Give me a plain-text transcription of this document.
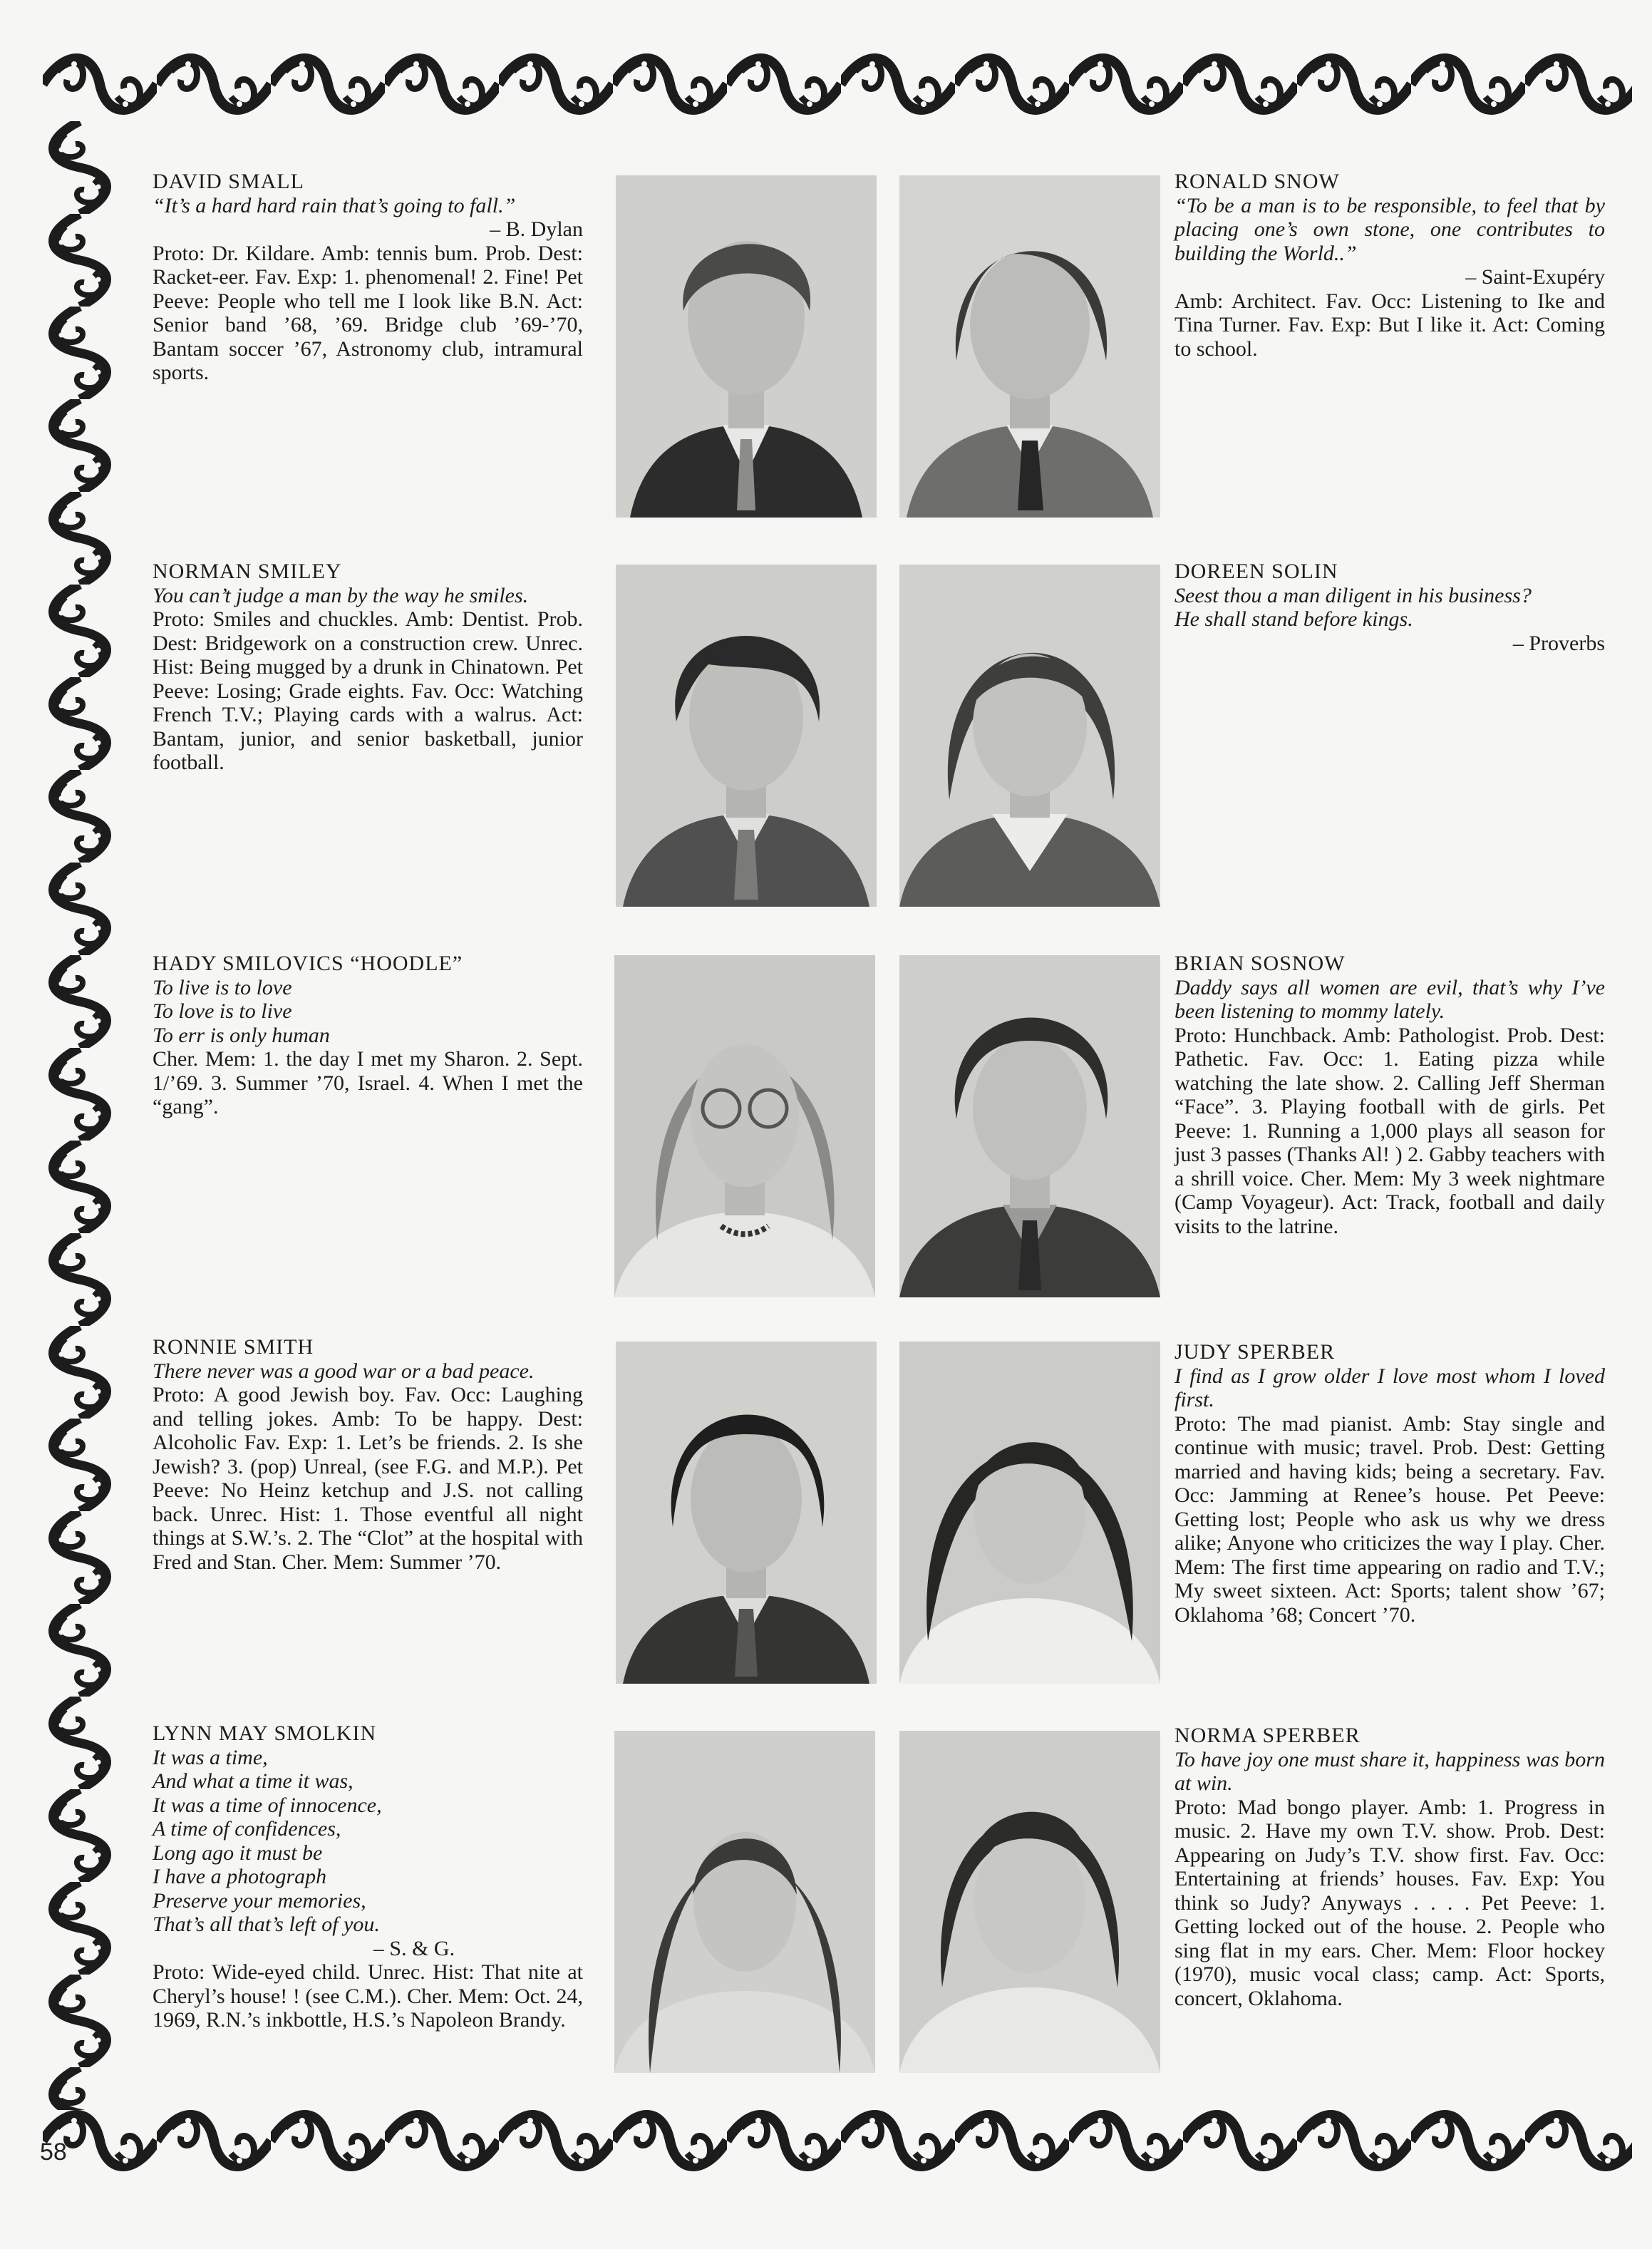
58
DAVID SMALL
“It’s a hard hard rain that’s going to fall.”
– B. Dylan
Proto: Dr. Kildare. Amb: tennis bum. Prob. Dest: Racket-eer. Fav. Exp: 1. phenomenal! 2. Fine! Pet Peeve: People who tell me I look like B.N. Act: Senior band ’68, ’69. Bridge club ’69-’70, Bantam soccer ’67, Astronomy club, intramural sports.
NORMAN SMILEY
You can’t judge a man by the way he smiles.
Proto: Smiles and chuckles. Amb: Dentist. Prob. Dest: Bridgework on a construction crew. Unrec. Hist: Being mugged by a drunk in Chinatown. Pet Peeve: Losing; Grade eights. Fav. Occ: Watching French T.V.; Playing cards with a walrus. Act: Bantam, junior, and senior basketball, junior football.
HADY SMILOVICS “HOODLE”
To live is to love
To love is to live
To err is only human
Cher. Mem: 1. the day I met my Sharon. 2. Sept. 1/’69. 3. Summer ’70, Israel. 4. When I met the “gang”.
RONNIE SMITH
There never was a good war or a bad peace.
Proto: A good Jewish boy. Fav. Occ: Laughing and telling jokes. Amb: To be happy. Dest: Alcoholic Fav. Exp: 1. Let’s be friends. 2. Is she Jewish? 3. (pop) Unreal, (see F.G. and M.P.). Pet Peeve: No Heinz ketchup and J.S. not calling back. Unrec. Hist: 1. Those eventful all night things at S.W.’s. 2. The “Clot” at the hospital with Fred and Stan. Cher. Mem: Summer ’70.
LYNN MAY SMOLKIN
It was a time,
And what a time it was,
It was a time of innocence,
A time of confidences,
Long ago it must be
I have a photograph
Preserve your memories,
That’s all that’s left of you.
– S. & G.
Proto: Wide-eyed child. Unrec. Hist: That nite at Cheryl’s house! ! (see C.M.). Cher. Mem: Oct. 24, 1969, R.N.’s inkbottle, H.S.’s Napoleon Brandy.
RONALD SNOW
“To be a man is to be responsible, to feel that by placing one’s own stone, one contributes to building the World..”
– Saint-Exupéry
Amb: Architect. Fav. Occ: Listening to Ike and Tina Turner. Fav. Exp: But I like it. Act: Coming to school.
DOREEN SOLIN
Seest thou a man diligent in his business?
He shall stand before kings.
– Proverbs
BRIAN SOSNOW
Daddy says all women are evil, that’s why I’ve been listening to mommy lately.
Proto: Hunchback. Amb: Pathologist. Prob. Dest: Pathetic. Fav. Occ: 1. Eating pizza while watching the late show. 2. Calling Jeff Sherman “Face”. 3. Playing football with de girls. Pet Peeve: 1. Running a 1,000 plays all season for just 3 passes (Thanks Al! ) 2. Gabby teachers with a shrill voice. Cher. Mem: My 3 week nightmare (Camp Voyageur). Act: Track, football and daily visits to the latrine.
JUDY SPERBER
I find as I grow older I love most whom I loved first.
Proto: The mad pianist. Amb: Stay single and continue with music; travel. Prob. Dest: Getting married and having kids; being a secretary. Fav. Occ: Jamming at Renee’s house. Pet Peeve: Getting lost; People who ask us why we dress alike; Anyone who criticizes the way I play. Cher. Mem: The first time appearing on radio and T.V.; My sweet sixteen. Act: Sports; talent show ’67; Oklahoma ’68; Concert ’70.
NORMA SPERBER
To have joy one must share it, happiness was born at win.
Proto: Mad bongo player. Amb: 1. Progress in music. 2. Have my own T.V. show. Prob. Dest: Appearing on Judy’s T.V. show first. Fav. Occ: Entertaining at friends’ houses. Fav. Exp: You think so Judy? Anyways . . . . Pet Peeve: 1. Getting locked out of the house. 2. People who sing flat in my ears. Cher. Mem: Floor hockey (1970), music vocal class; camp. Act: Sports, concert, Oklahoma.
